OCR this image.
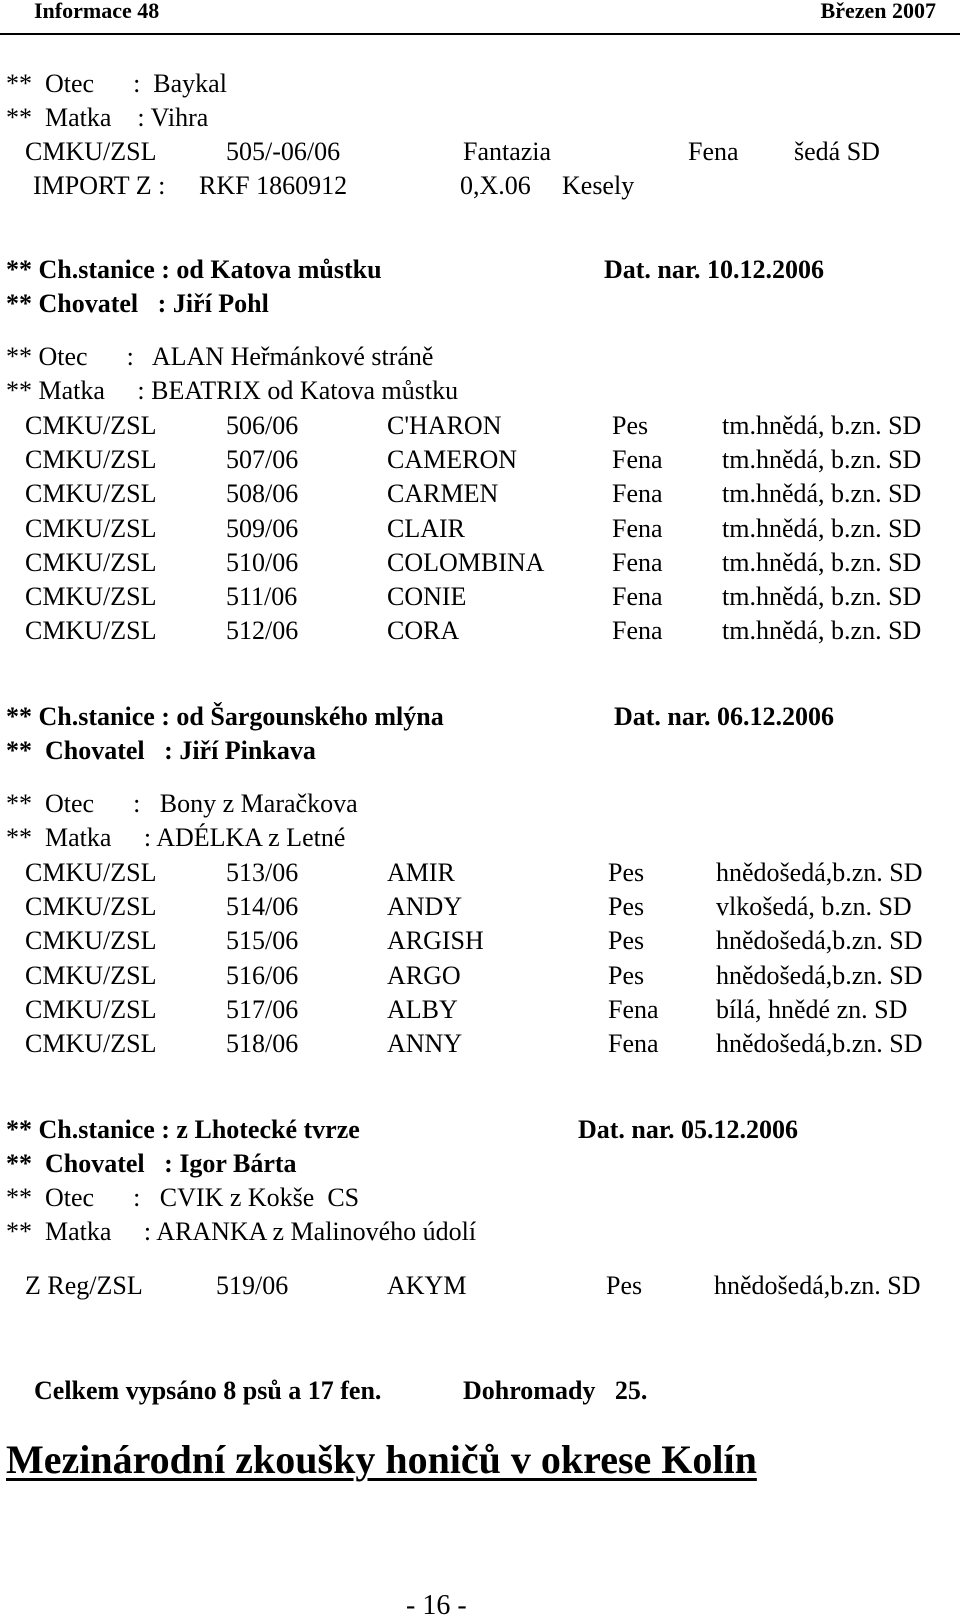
Informace 48	Březen 2007
**  Otec      :  Baykal
**  Matka    : Vihra
CMKU/ZSL	505/-06/06	Fantazia	Fena šedá SD
IMPORT Z : RKF 1860912	0,X.06 Kesely
** Ch.stanice : od Katova můstku	Dat. nar. 10.12.2006
** Chovatel   : Jiří Pohl
** Otec      :   ALAN Heřmánkové stráně
** Matka     : BEATRIX od Katova můstku
CMKU/ZSL	506/06	C'HARON	Pes	tm.hnědá, b.zn. SD
CMKU/ZSL	507/06	CAMERON	Fena tm.hnědá, b.zn. SD
CMKU/ZSL	508/06	CARMEN	Fena tm.hnědá, b.zn. SD
CMKU/ZSL	509/06	CLAIR	Fena tm.hnědá, b.zn. SD
CMKU/ZSL	510/06	COLOMBINA	Fena tm.hnědá, b.zn. SD
CMKU/ZSL	511/06	CONIE	Fena tm.hnědá, b.zn. SD
CMKU/ZSL	512/06	CORA	Fena tm.hnědá, b.zn. SD
** Ch.stanice : od Šargounského mlýna	Dat. nar. 06.12.2006
**  Chovatel   : Jiří Pinkava
**  Otec      :   Bony z Maračkova
**  Matka     : ADÉLKA z Letné
CMKU/ZSL	513/06	AMIR	Pes	hnědošedá,b.zn. SD
CMKU/ZSL	514/06	ANDY	Pes	vlkošedá, b.zn. SD
CMKU/ZSL	515/06	ARGISH	Pes	hnědošedá,b.zn. SD
CMKU/ZSL	516/06	ARGO	Pes	hnědošedá,b.zn. SD
CMKU/ZSL	517/06	ALBY	Fena bílá, hnědé zn. SD
CMKU/ZSL	518/06	ANNY	Fena hnědošedá,b.zn. SD
** Ch.stanice : z Lhotecké tvrze	Dat. nar. 05.12.2006
**  Chovatel   : Igor Bárta
**  Otec      :   CVIK z Kokše  CS
**  Matka     : ARANKA z Malinového údolí
Z Reg/ZSL	519/06	AKYM	Pes	hnědošedá,b.zn. SD
Celkem vypsáno 8 psů a 17 fen.	Dohromady   25.
Mezinárodní zkoušky honičů v okrese Kolín
- 16 -
